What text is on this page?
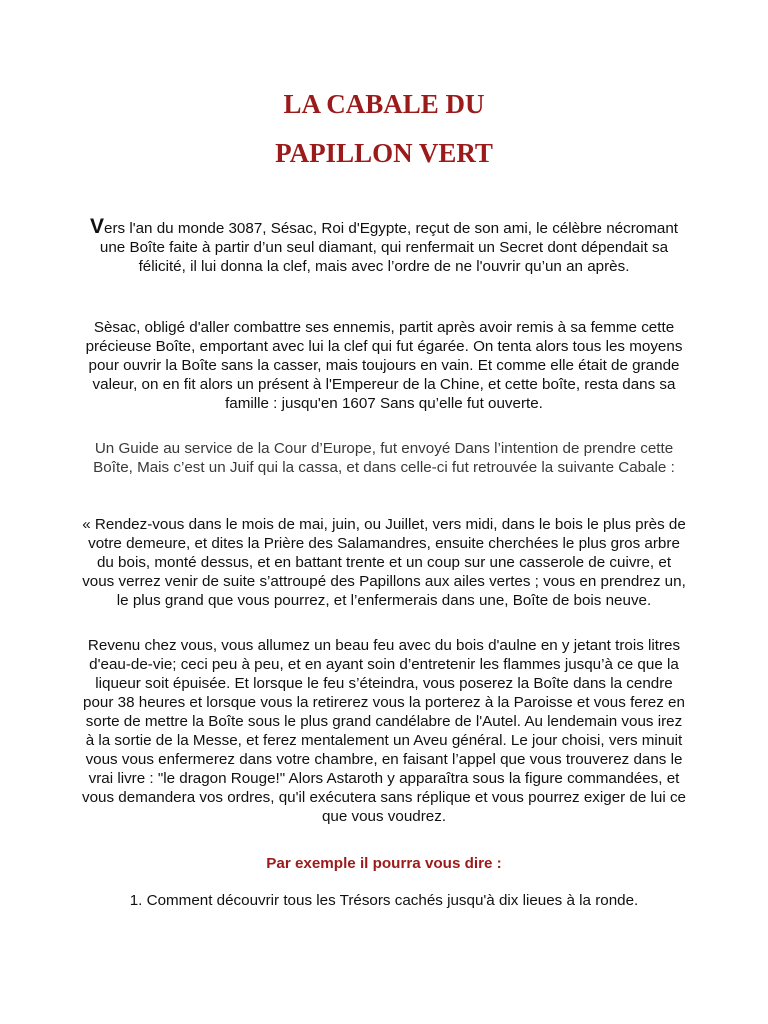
LA CABALE DU
PAPILLON VERT

Vers l'an du monde 3087, Sésac, Roi d'Egypte, reçut de son ami, le célèbre nécromant une Boîte faite à partir d’un seul diamant, qui renfermait un Secret dont dépendait sa félicité, il lui donna la clef, mais avec l’ordre de ne l'ouvrir qu’un an après.

Sèsac, obligé d'aller combattre ses ennemis, partit après avoir remis à sa femme cette précieuse Boîte, emportant avec lui la clef qui fut égarée. On tenta alors tous les moyens pour ouvrir la Boîte sans la casser, mais toujours en vain. Et comme elle était de grande valeur, on en fit alors un présent à l'Empereur de la Chine, et cette boîte, resta dans sa famille : jusqu'en 1607 Sans qu’elle fut ouverte.

Un Guide au service de la Cour d’Europe, fut envoyé Dans l’intention de prendre cette Boîte, Mais c’est un Juif qui la cassa, et dans celle-ci fut retrouvée la suivante Cabale :

« Rendez-vous dans le mois de mai, juin, ou Juillet, vers midi, dans le bois le plus près de votre demeure, et dites la Prière des Salamandres, ensuite cherchées le plus gros arbre du bois, monté dessus, et en battant trente et un coup sur une casserole de cuivre, et vous verrez venir de suite s’attroupé des Papillons aux ailes vertes ; vous en prendrez un, le plus grand que vous pourrez, et l’enfermerais dans une, Boîte de bois neuve.

Revenu chez vous, vous allumez un beau feu avec du bois d'aulne en y jetant trois litres d'eau-de-vie; ceci peu à peu, et en ayant soin d’entretenir les flammes jusqu’à ce que la liqueur soit épuisée. Et lorsque le feu s’éteindra, vous poserez la Boîte dans la cendre pour 38 heures et lorsque vous la retirerez vous la porterez à la Paroisse et vous ferez en sorte de mettre la Boîte sous le plus grand candélabre de l'Autel. Au lendemain vous irez à la sortie de la Messe, et ferez mentalement un Aveu général. Le jour choisi, vers minuit vous vous enfermerez dans votre chambre, en faisant l’appel que vous trouverez dans le vrai livre : "le dragon Rouge!" Alors Astaroth y apparaîtra sous la figure commandées, et vous demandera vos ordres, qu'il exécutera sans réplique et vous pourrez exiger de lui ce que vous voudrez.

Par exemple il pourra vous dire :

1. Comment découvrir tous les Trésors cachés jusqu'à dix lieues à la ronde.
